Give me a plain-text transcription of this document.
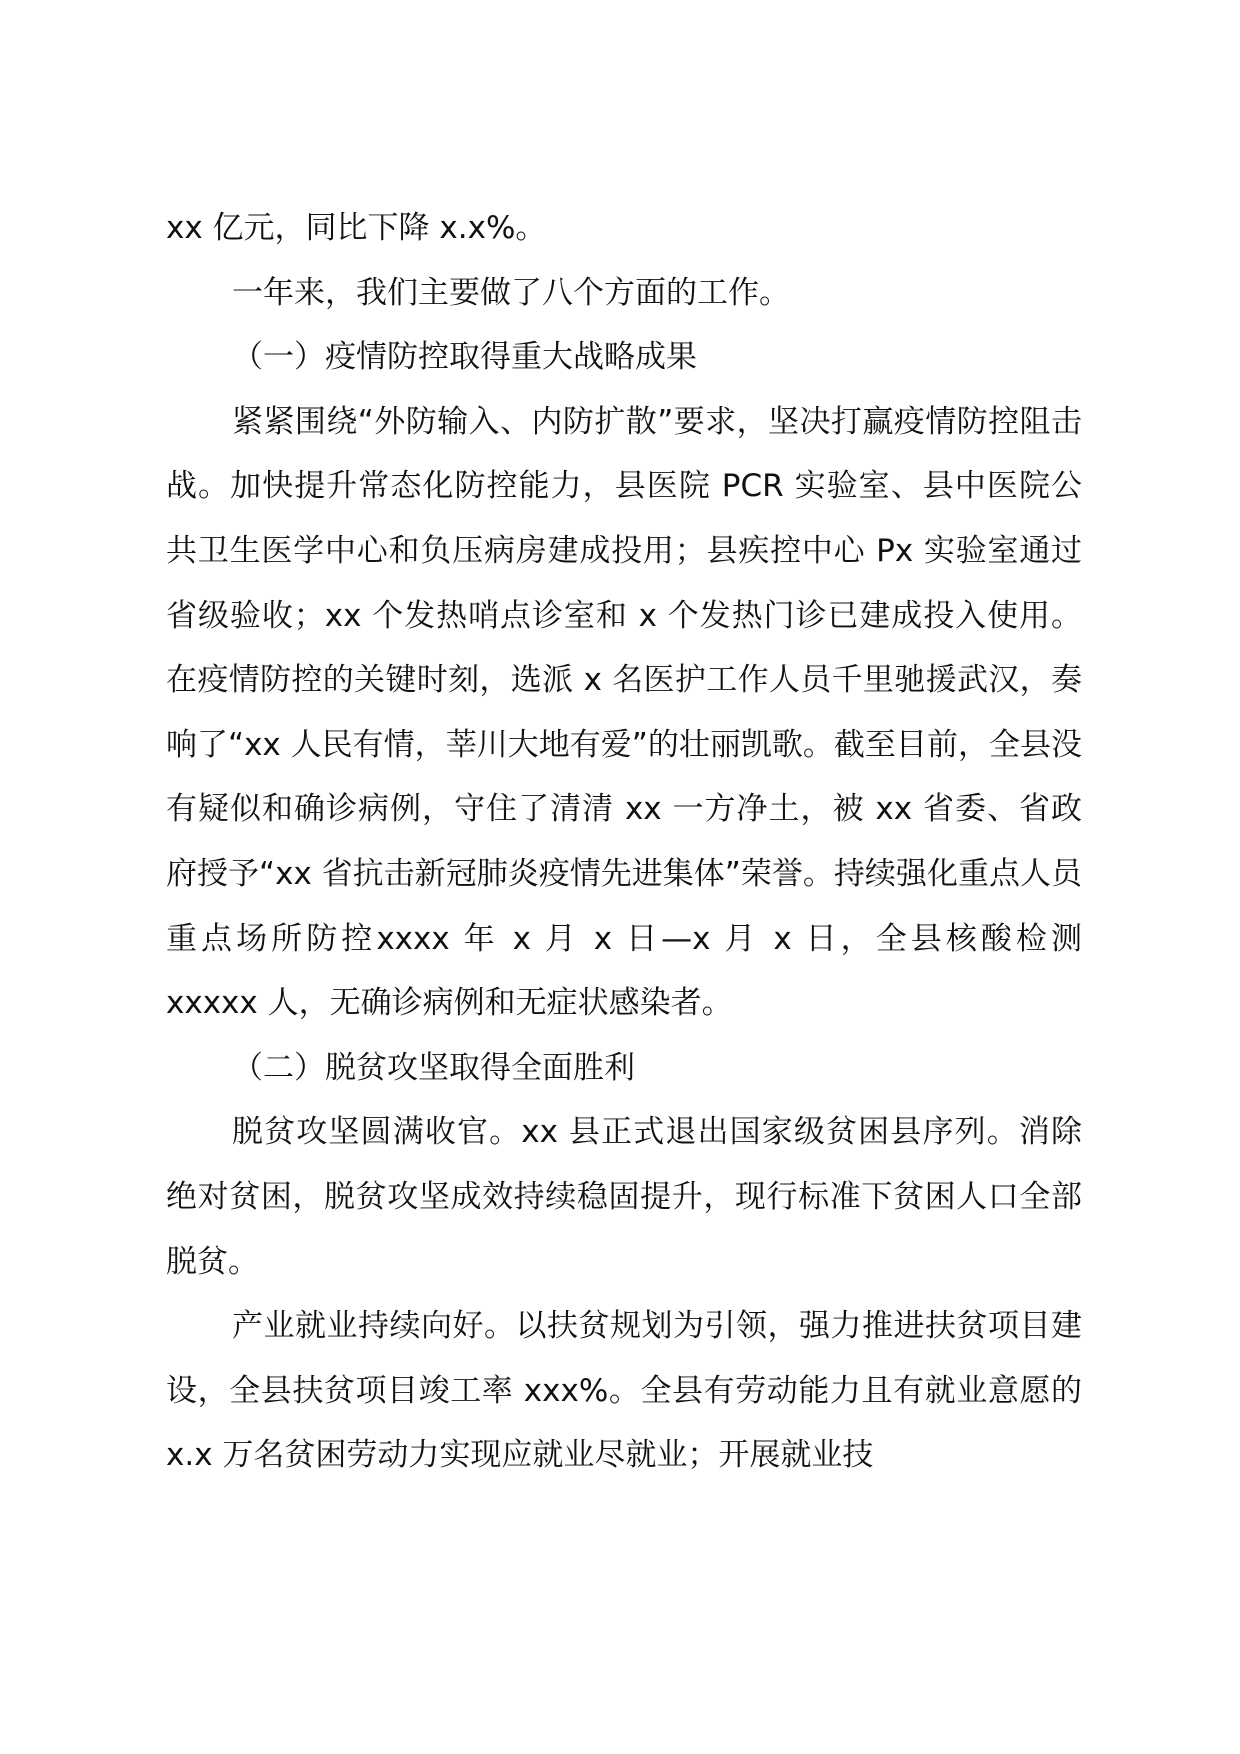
xx 亿元，同比下降 x.x%。

一年来，我们主要做了八个方面的工作。

（一）疫情防控取得重大战略成果

紧紧围绕“外防输入、内防扩散”要求，坚决打赢疫情防控阻击战。加快提升常态化防控能力，县医院 PCR 实验室、县中医院公共卫生医学中心和负压病房建成投用；县疾控中心 Px 实验室通过省级验收；xx 个发热哨点诊室和 x 个发热门诊已建成投入使用。在疫情防控的关键时刻，选派 x 名医护工作人员千里驰援武汉，奏响了“xx 人民有情，莘川大地有爱”的壮丽凯歌。截至目前，全县没有疑似和确诊病例，守住了清清 xx 一方净土，被 xx 省委、省政府授予“xx 省抗击新冠肺炎疫情先进集体”荣誉。持续强化重点人员重点场所防控xxxx 年 x 月 x 日—x 月 x 日，全县核酸检测 xxxxx 人，无确诊病例和无症状感染者。

（二）脱贫攻坚取得全面胜利

脱贫攻坚圆满收官。xx 县正式退出国家级贫困县序列。消除绝对贫困，脱贫攻坚成效持续稳固提升，现行标准下贫困人口全部脱贫。

产业就业持续向好。以扶贫规划为引领，强力推进扶贫项目建设，全县扶贫项目竣工率 xxx%。全县有劳动能力且有就业意愿的 x.x 万名贫困劳动力实现应就业尽就业；开展就业技
